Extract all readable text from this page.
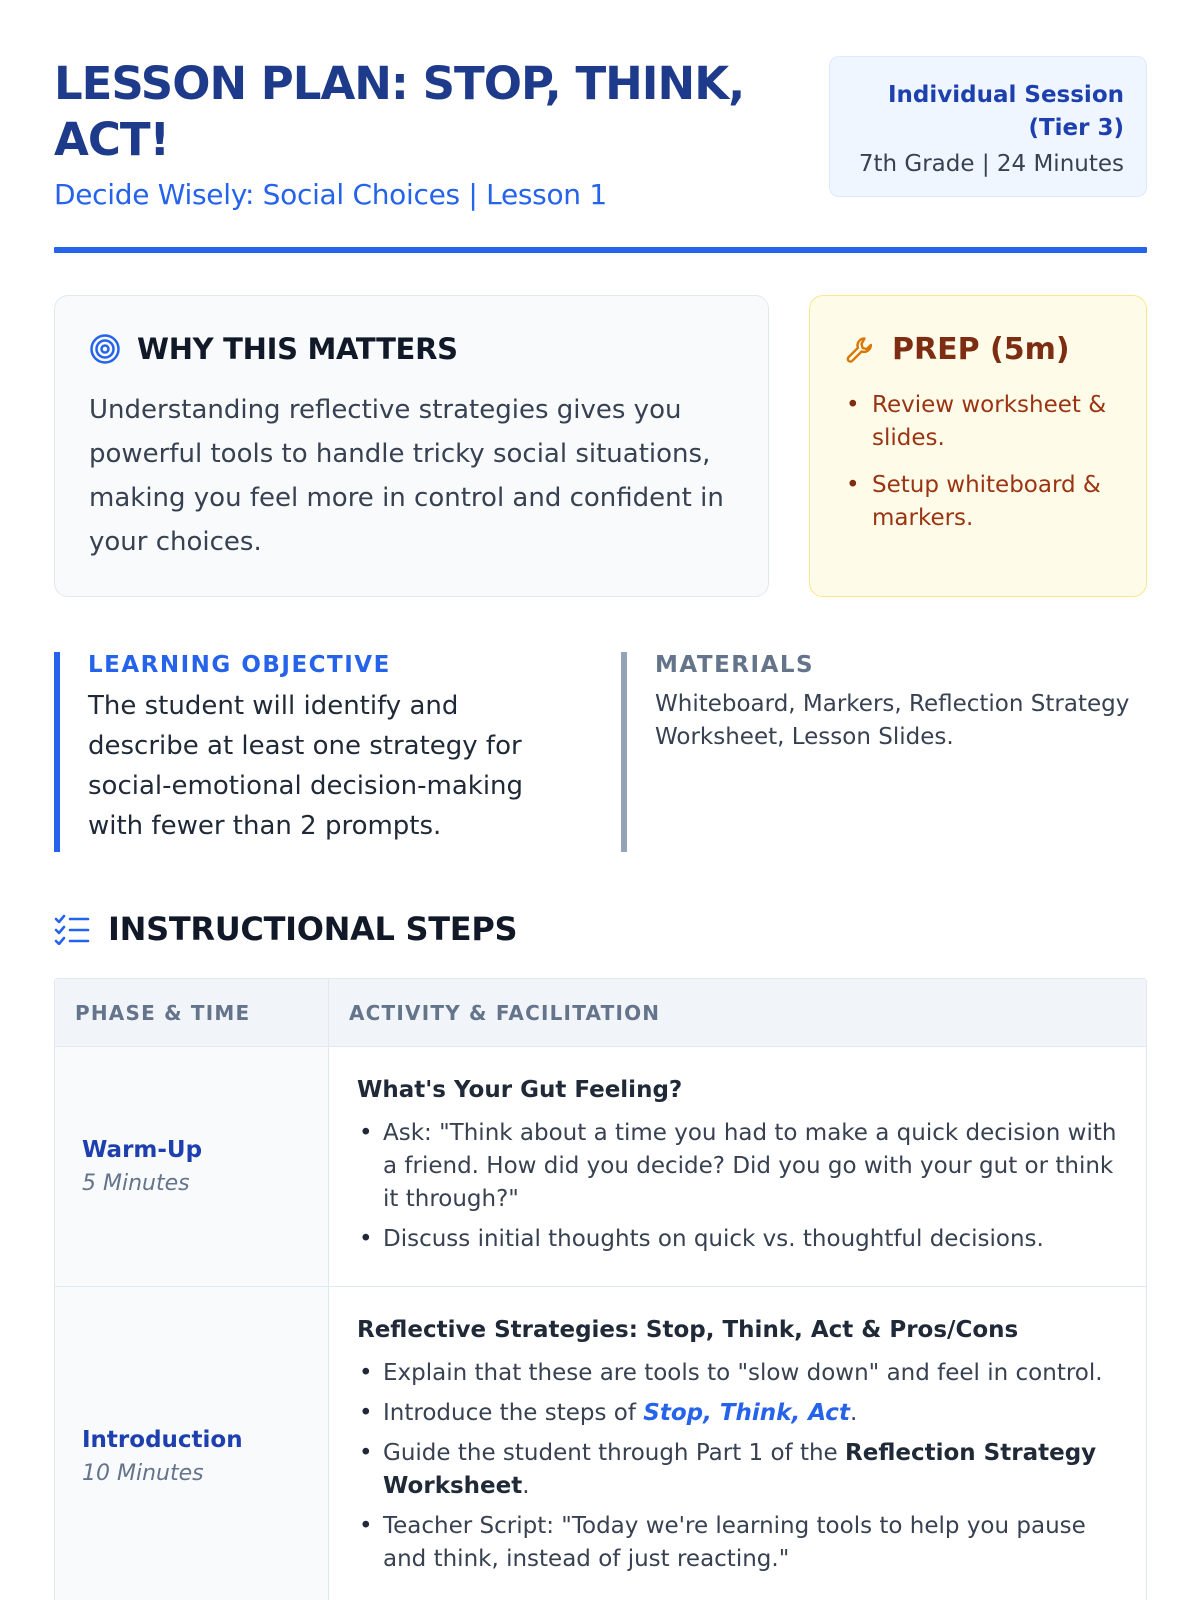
LESSON PLAN: STOP, THINK, ACT!
Decide Wisely: Social Choices | Lesson 1
Individual Session (Tier 3)
7th Grade | 24 Minutes
WHY THIS MATTERS
Understanding reflective strategies gives you powerful tools to handle tricky social situations, making you feel more in control and confident in your choices.
PREP (5m)
• Review worksheet & slides.
• Setup whiteboard & markers.
LEARNING OBJECTIVE
The student will identify and describe at least one strategy for social-emotional decision-making with fewer than 2 prompts.
MATERIALS
Whiteboard, Markers, Reflection Strategy Worksheet, Lesson Slides.
INSTRUCTIONAL STEPS
PHASE & TIME	ACTIVITY & FACILITATION
Warm-Up
5 Minutes
What's Your Gut Feeling?
• Ask: "Think about a time you had to make a quick decision with a friend. How did you decide? Did you go with your gut or think it through?"
• Discuss initial thoughts on quick vs. thoughtful decisions.
Introduction
10 Minutes
Reflective Strategies: Stop, Think, Act & Pros/Cons
• Explain that these are tools to "slow down" and feel in control.
• Introduce the steps of Stop, Think, Act.
• Guide the student through Part 1 of the Reflection Strategy Worksheet.
• Teacher Script: "Today we're learning tools to help you pause and think, instead of just reacting."
